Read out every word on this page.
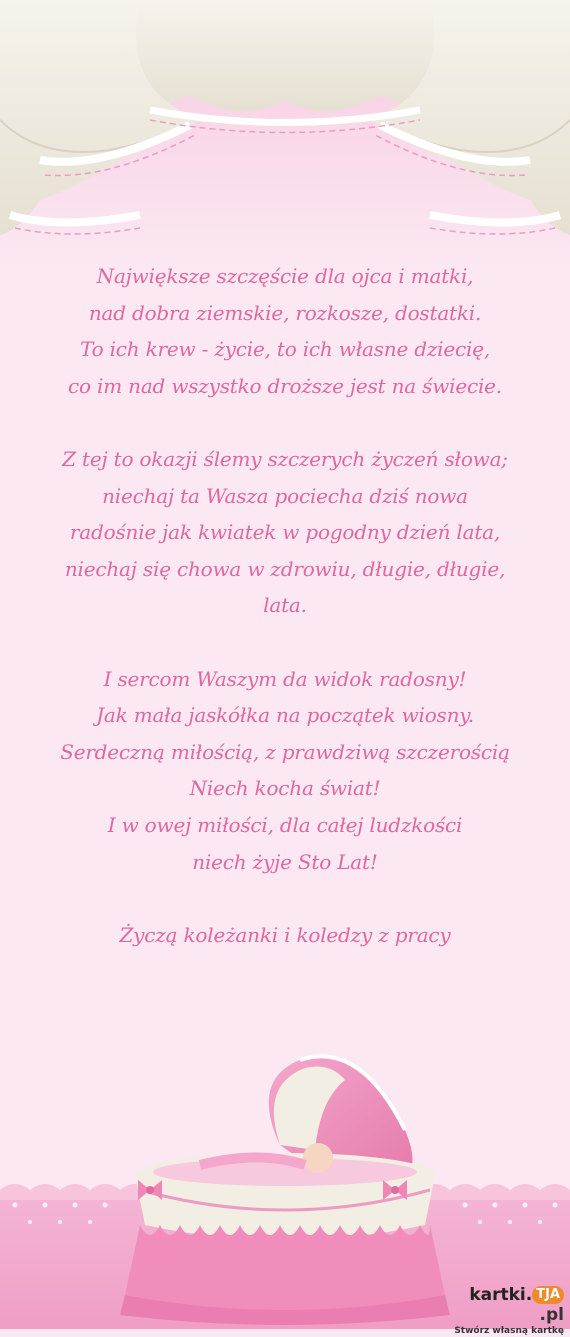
Największe szczęście dla ojca i matki,
nad dobra ziemskie, rozkosze, dostatki.
To ich krew - życie, to ich własne dziecię,
co im nad wszystko droższe jest na świecie.
Z tej to okazji ślemy szczerych życzeń słowa;
niechaj ta Wasza pociecha dziś nowa
radośnie jak kwiatek w pogodny dzień lata,
niechaj się chowa w zdrowiu, długie, długie,
lata.
I sercom Waszym da widok radosny!
Jak mała jaskółka na początek wiosny.
Serdeczną miłością, z prawdziwą szczerością
Niech kocha świat!
I w owej miłości, dla całej ludzkości
niech żyje Sto Lat!
Życzą koleżanki i koledzy z pracy
kartki. TJA.pl
Stwórz własną kartkę
